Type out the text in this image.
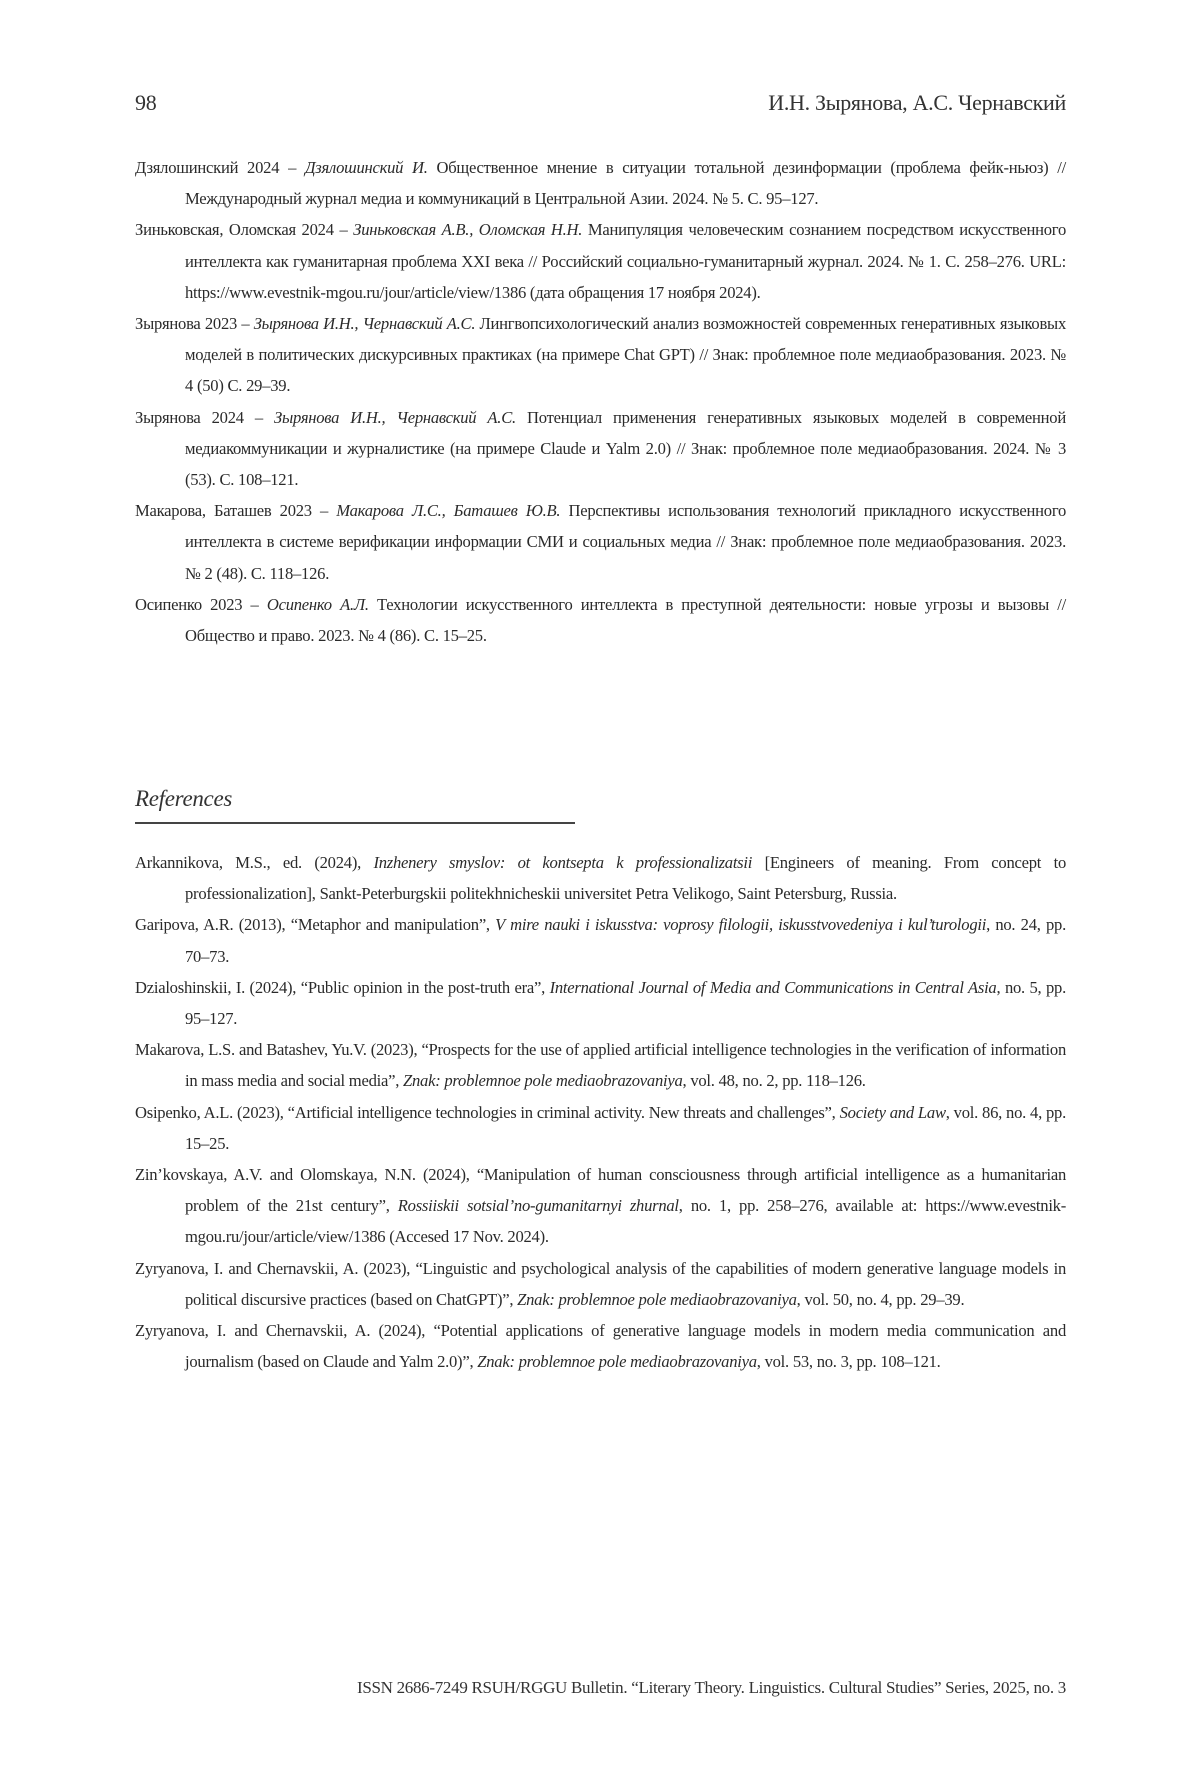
98	И.Н. Зырянова, А.С. Чернавский

Дзялошинский 2024 – Дзялошинский И. Общественное мнение в ситуации тотальной дезинформации (проблема фейк-ньюз) // Международный журнал медиа и коммуникаций в Центральной Азии. 2024. № 5. С. 95–127.

Зиньковская, Оломская 2024 – Зиньковская А.В., Оломская Н.Н. Манипуляция человеческим сознанием посредством искусственного интеллекта как гуманитарная проблема XXI века // Российский социально-гуманитарный журнал. 2024. № 1. С. 258–276. URL: https://www.evestnik-mgou.ru/jour/article/view/1386 (дата обращения 17 ноября 2024).

Зырянова 2023 – Зырянова И.Н., Чернавский А.С. Лингвопсихологический анализ возможностей современных генеративных языковых моделей в политических дискурсивных практиках (на примере Chat GPT) // Знак: проблемное поле медиаобразования. 2023. № 4 (50) С. 29–39.

Зырянова 2024 – Зырянова И.Н., Чернавский А.С. Потенциал применения генеративных языковых моделей в современной медиакоммуникации и журналистике (на примере Claude и Yalm 2.0) // Знак: проблемное поле медиаобразования. 2024. № 3 (53). С. 108–121.

Макарова, Баташев 2023 – Макарова Л.С., Баташев Ю.В. Перспективы использования технологий прикладного искусственного интеллекта в системе верификации информации СМИ и социальных медиа // Знак: проблемное поле медиаобразования. 2023. № 2 (48). С. 118–126.

Осипенко 2023 – Осипенко А.Л. Технологии искусственного интеллекта в преступной деятельности: новые угрозы и вызовы // Общество и право. 2023. № 4 (86). С. 15–25.

References

Arkannikova, M.S., ed. (2024), Inzhenery smyslov: ot kontsepta k professionalizatsii [Engineers of meaning. From concept to professionalization], Sankt-Peterburgskii politekhnicheskii universitet Petra Velikogo, Saint Petersburg, Russia.

Garipova, A.R. (2013), “Metaphor and manipulation”, V mire nauki i iskusstva: voprosy filologii, iskusstvovedeniya i kul’turologii, no. 24, pp. 70–73.

Dzialoshinskii, I. (2024), “Public opinion in the post-truth era”, International Journal of Media and Communications in Central Asia, no. 5, pp. 95–127.

Makarova, L.S. and Batashev, Yu.V. (2023), “Prospects for the use of applied artificial intelligence technologies in the verification of information in mass media and social media”, Znak: problemnoe pole mediaobrazovaniya, vol. 48, no. 2, pp. 118–126.

Osipenko, A.L. (2023), “Artificial intelligence technologies in criminal activity. New threats and challenges”, Society and Law, vol. 86, no. 4, pp. 15–25.

Zin’kovskaya, A.V. and Olomskaya, N.N. (2024), “Manipulation of human consciousness through artificial intelligence as a humanitarian problem of the 21st century”, Rossiiskii sotsial’no-gumanitarnyi zhurnal, no. 1, pp. 258–276, available at: https://www.evestnik-mgou.ru/jour/article/view/1386 (Accesed 17 Nov. 2024).

Zyryanova, I. and Chernavskii, A. (2023), “Linguistic and psychological analysis of the capabilities of modern generative language models in political discursive practices (based on ChatGPT)”, Znak: problemnoe pole mediaobrazovaniya, vol. 50, no. 4, pp. 29–39.

Zyryanova, I. and Chernavskii, A. (2024), “Potential applications of generative language models in modern media communication and journalism (based on Claude and Yalm 2.0)”, Znak: problemnoe pole mediaobrazovaniya, vol. 53, no. 3, pp. 108–121.

ISSN 2686-7249 RSUH/RGGU Bulletin. “Literary Theory. Linguistics. Cultural Studies” Series, 2025, no. 3
